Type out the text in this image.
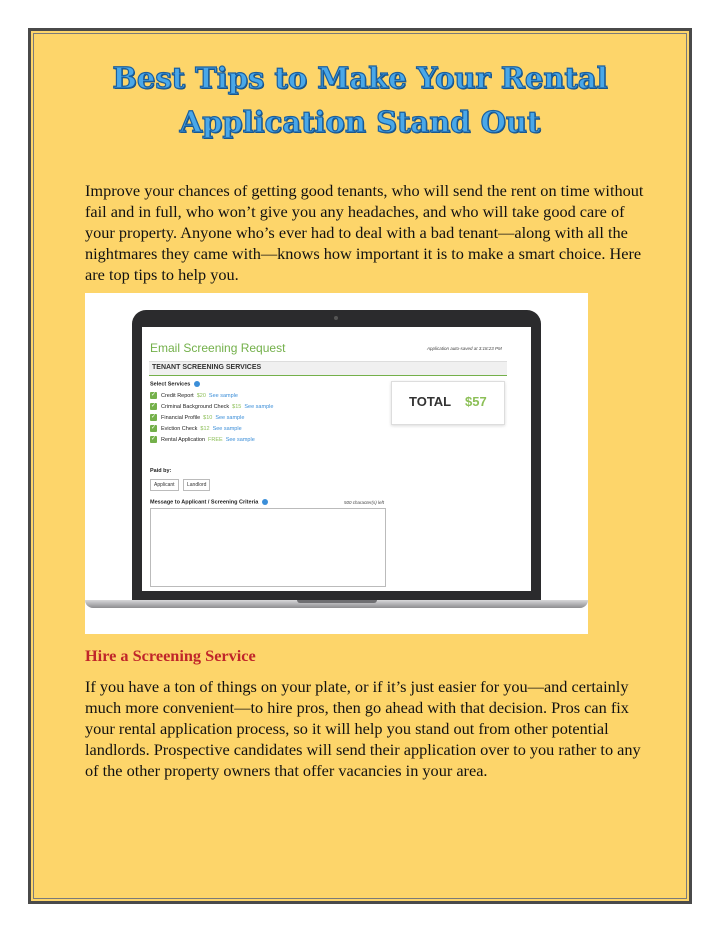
Best Tips to Make Your Rental
Application Stand Out

Improve your chances of getting good tenants, who will send the rent on time without fail and in full, who won’t give you any headaches, and who will take good care of your property. Anyone who’s ever had to deal with a bad tenant—along with all the nightmares they came with—knows how important it is to make a smart choice. Here are top tips to help you.

Email Screening Request	Application auto-saved at 3:18:23 PM
TENANT SCREENING SERVICES
Select Services
✓ Credit Report $20 See sample
✓ Criminal Background Check $15 See sample
✓ Financial Profile $10 See sample
✓ Eviction Check $12 See sample
✓ Rental Application FREE See sample
TOTAL $57
Paid by:
Applicant	Landlord
Message to Applicant / Screening Criteria	500 character(s) left
Hire a Screening Service

If you have a ton of things on your plate, or if it’s just easier for you—and certainly much more convenient—to hire pros, then go ahead with that decision. Pros can fix your rental application process, so it will help you stand out from other potential landlords. Prospective candidates will send their application over to you rather to any of the other property owners that offer vacancies in your area.
